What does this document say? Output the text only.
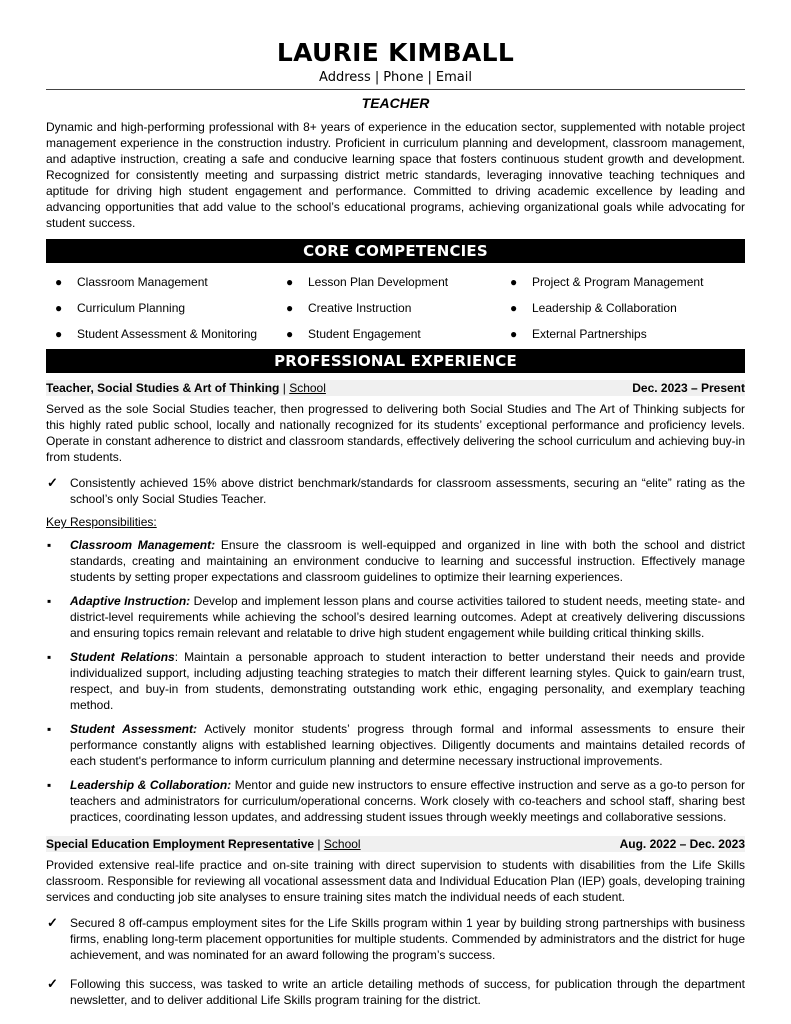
LAURIE KIMBALL
Address | Phone | Email
TEACHER
Dynamic and high-performing professional with 8+ years of experience in the education sector, supplemented with notable project management experience in the construction industry. Proficient in curriculum planning and development, classroom management, and adaptive instruction, creating a safe and conducive learning space that fosters continuous student growth and development. Recognized for consistently meeting and surpassing district metric standards, leveraging innovative teaching techniques and aptitude for driving high student engagement and performance. Committed to driving academic excellence by leading and advancing opportunities that add value to the school’s educational programs, achieving organizational goals while advocating for student success.
CORE COMPETENCIES
● Classroom Management
● Curriculum Planning
● Student Assessment & Monitoring
● Lesson Plan Development
● Creative Instruction
● Student Engagement
● Project & Program Management
● Leadership & Collaboration
● External Partnerships
PROFESSIONAL EXPERIENCE
Teacher, Social Studies & Art of Thinking | School	Dec. 2023 – Present
Served as the sole Social Studies teacher, then progressed to delivering both Social Studies and The Art of Thinking subjects for this highly rated public school, locally and nationally recognized for its students’ exceptional performance and proficiency levels. Operate in constant adherence to district and classroom standards, effectively delivering the school curriculum and achieving buy-in from students.
✓ Consistently achieved 15% above district benchmark/standards for classroom assessments, securing an “elite” rating as the school’s only Social Studies Teacher.
Key Responsibilities:
▪ Classroom Management: Ensure the classroom is well-equipped and organized in line with both the school and district standards, creating and maintaining an environment conducive to learning and successful instruction. Effectively manage students by setting proper expectations and classroom guidelines to optimize their learning experiences.
▪ Adaptive Instruction: Develop and implement lesson plans and course activities tailored to student needs, meeting state- and district-level requirements while achieving the school’s desired learning outcomes. Adept at creatively delivering discussions and ensuring topics remain relevant and relatable to drive high student engagement while building critical thinking skills.
▪ Student Relations: Maintain a personable approach to student interaction to better understand their needs and provide individualized support, including adjusting teaching strategies to match their different learning styles. Quick to gain/earn trust, respect, and buy-in from students, demonstrating outstanding work ethic, engaging personality, and exemplary teaching method.
▪ Student Assessment: Actively monitor students’ progress through formal and informal assessments to ensure their performance constantly aligns with established learning objectives. Diligently documents and maintains detailed records of each student's performance to inform curriculum planning and determine necessary instructional improvements.
▪ Leadership & Collaboration: Mentor and guide new instructors to ensure effective instruction and serve as a go-to person for teachers and administrators for curriculum/operational concerns. Work closely with co-teachers and school staff, sharing best practices, coordinating lesson updates, and addressing student issues through weekly meetings and collaborative sessions.
Special Education Employment Representative | School	Aug. 2022 – Dec. 2023
Provided extensive real-life practice and on-site training with direct supervision to students with disabilities from the Life Skills classroom. Responsible for reviewing all vocational assessment data and Individual Education Plan (IEP) goals, developing training services and conducting job site analyses to ensure training sites match the individual needs of each student.
✓ Secured 8 off-campus employment sites for the Life Skills program within 1 year by building strong partnerships with business firms, enabling long-term placement opportunities for multiple students. Commended by administrators and the district for huge achievement, and was nominated for an award following the program’s success.
✓ Following this success, was tasked to write an article detailing methods of success, for publication through the department newsletter, and to deliver additional Life Skills program training for the district.
